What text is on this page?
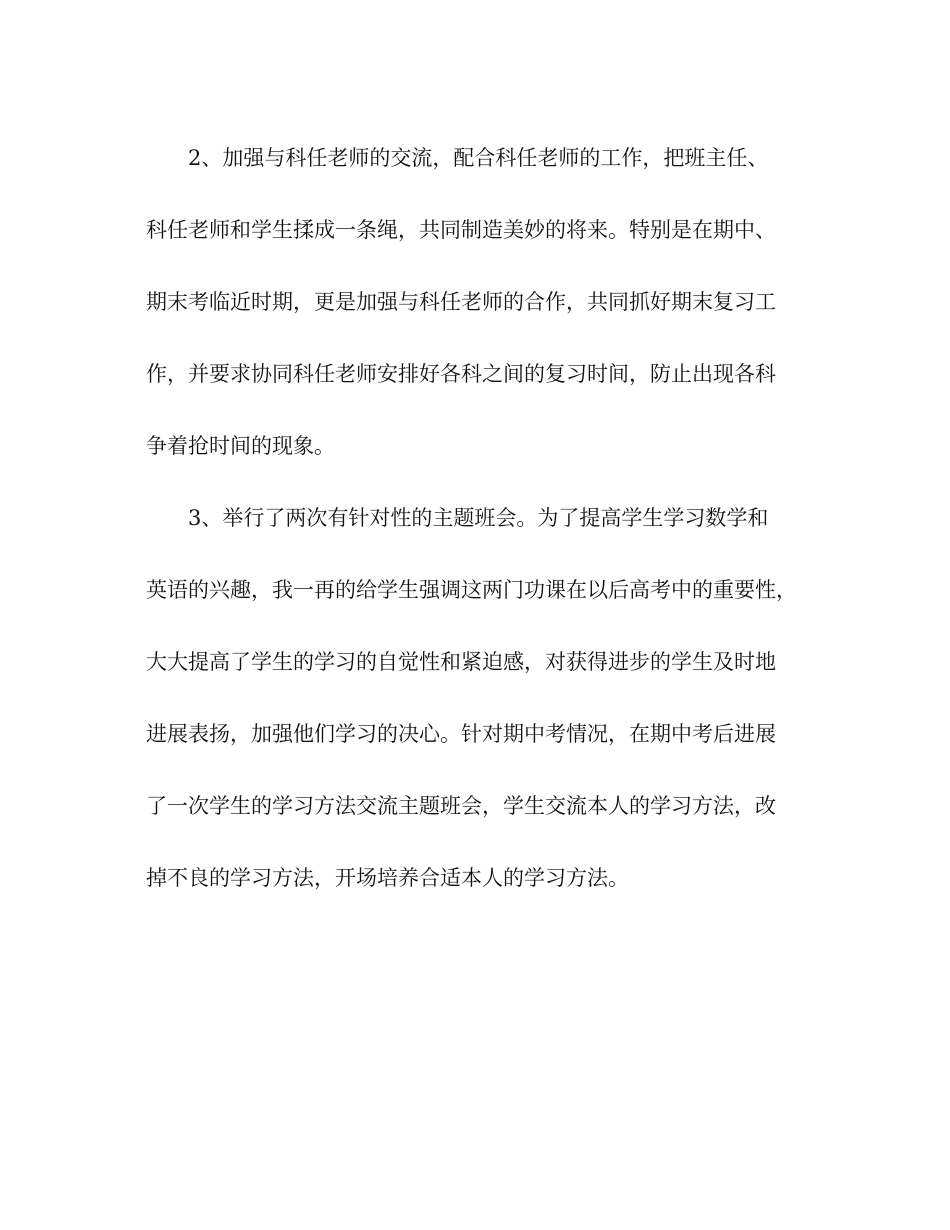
2、加强与科任老师的交流，配合科任老师的工作，把班主任、
科任老师和学生揉成一条绳，共同制造美妙的将来。特别是在期中、
期末考临近时期，更是加强与科任老师的合作，共同抓好期末复习工
作，并要求协同科任老师安排好各科之间的复习时间，防止出现各科
争着抢时间的现象。
3、举行了两次有针对性的主题班会。为了提高学生学习数学和
英语的兴趣，我一再的给学生强调这两门功课在以后高考中的重要性，
大大提高了学生的学习的自觉性和紧迫感，对获得进步的学生及时地
进展表扬，加强他们学习的决心。针对期中考情况，在期中考后进展
了一次学生的学习方法交流主题班会，学生交流本人的学习方法，改
掉不良的学习方法，开场培养合适本人的学习方法。
